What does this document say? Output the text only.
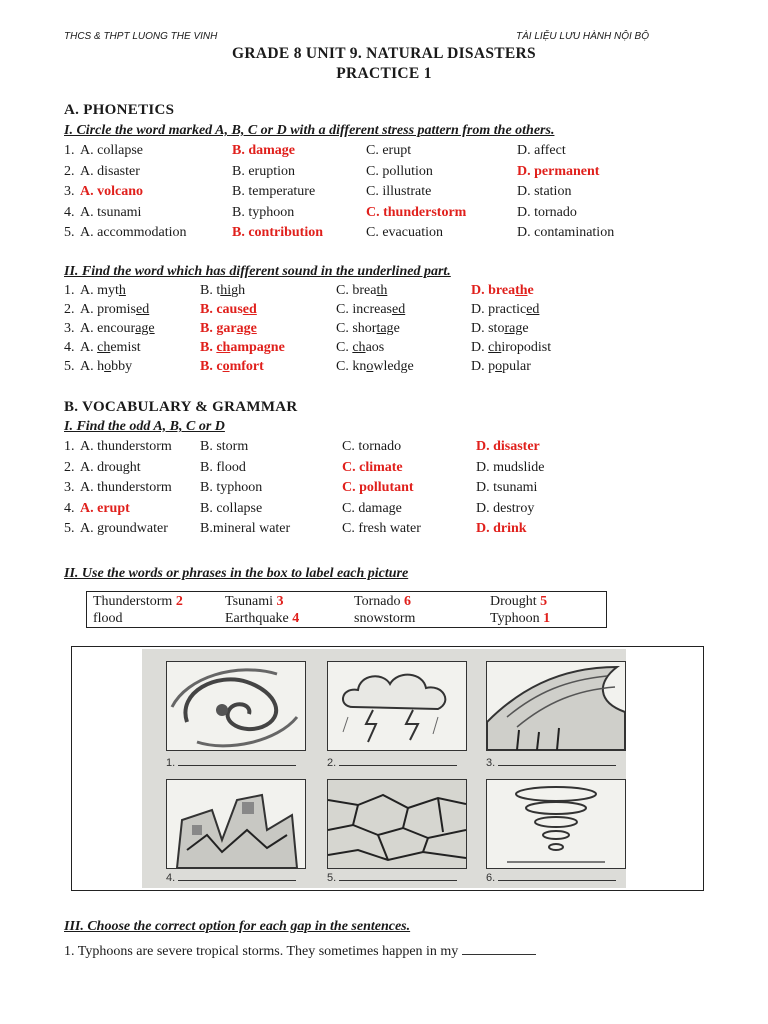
THCS & THPT LUONG THE VINH	TÀI LIỆU LƯU HÀNH NỘI BỘ
GRADE 8 UNIT 9. NATURAL DISASTERS
PRACTICE 1
A. PHONETICS
I. Circle the word marked A, B, C or D with a different stress pattern from the others.
1. A. collapse	B. damage	C. erupt	D. affect
2. A. disaster	B. eruption	C. pollution	D. permanent
3. A. volcano	B. temperature	C. illustrate	D. station
4. A. tsunami	B. typhoon	C. thunderstorm	D. tornado
5. A. accommodation	B. contribution	C. evacuation	D. contamination
II. Find the word which has different sound in the underlined part.
1. A. myth	B. thigh	C. breath	D. breathe
2. A. promised	B. caused	C. increased	D. practiced
3. A. encourage	B. garage	C. shortage	D. storage
4. A. chemist	B. champagne	C. chaos	D. chiropodist
5. A. hobby	B. comfort	C. knowledge	D. popular
B. VOCABULARY & GRAMMAR
I. Find the odd A, B, C or D
1. A. thunderstorm B. storm	C. tornado	D. disaster
2. A. drought	B. flood	C. climate	D. mudslide
3. A. thunderstorm B. typhoon	C. pollutant	D. tsunami
4. A. erupt	B. collapse	C. damage	D. destroy
5. A. groundwater B.mineral water	C. fresh water	D. drink
II. Use the words or phrases in the box to label each picture
Thunderstorm 2	Tsunami 3	Tornado 6	Drought 5
flood	Earthquake 4	snowstorm	Typhoon 1
1.	2.	3.
4.	5.	6.
III. Choose the correct option for each gap in the sentences.
1. Typhoons are severe tropical storms. They sometimes happen in my
